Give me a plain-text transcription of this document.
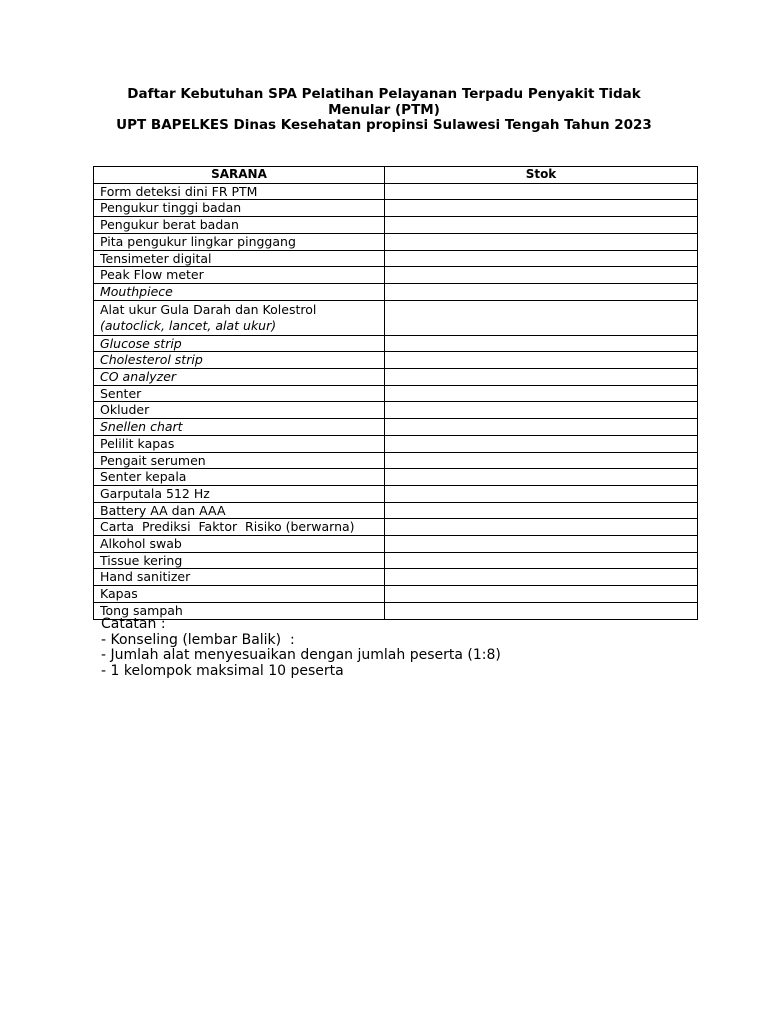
Daftar Kebutuhan SPA Pelatihan Pelayanan Terpadu Penyakit Tidak
Menular (PTM)
UPT BAPELKES Dinas Kesehatan propinsi Sulawesi Tengah Tahun 2023
SARANA	Stok
Form deteksi dini FR PTM	
Pengukur tinggi badan	
Pengukur berat badan	
Pita pengukur lingkar pinggang	
Tensimeter digital	
Peak Flow meter	
Mouthpiece	

Alat ukur Gula Darah dan Kolestrol
(autoclick, lancet, alat ukur)	

Glucose strip	
Cholesterol strip	
CO analyzer	
Senter	
Okluder	
Snellen chart	
Pelilit kapas	
Pengait serumen	
Senter kepala	
Garputala 512 Hz	
Battery AA dan AAA	
Carta  Prediksi  Faktor  Risiko (berwarna)	
Alkohol swab	
Tissue kering	
Hand sanitizer	
Kapas	
Tong sampah	
Catatan :
- Konseling (lembar Balik)  :
- Jumlah alat menyesuaikan dengan jumlah peserta (1:8)
- 1 kelompok maksimal 10 peserta
